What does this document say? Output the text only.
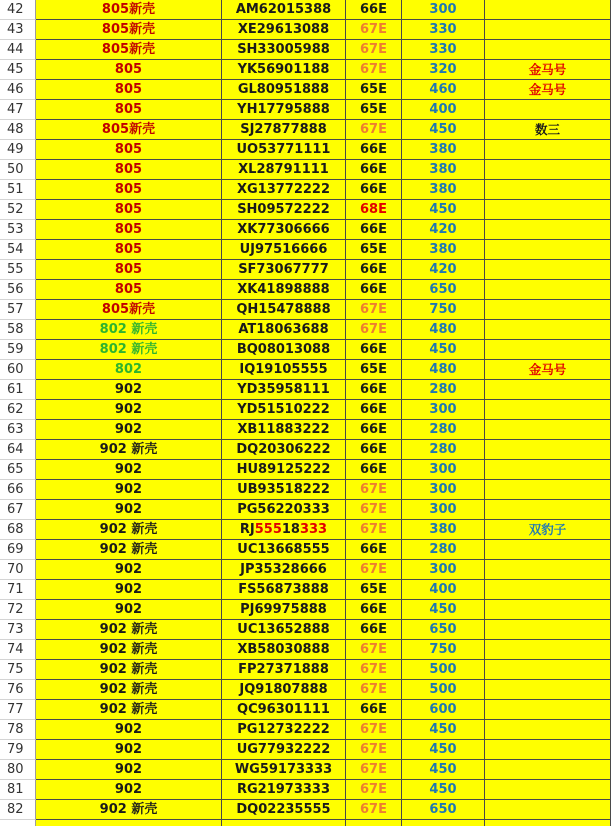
42	805新壳	AM62015388	66E	300
43	805新壳	XE29613088	67E	330
44	805新壳	SH33005988	67E	330
45	805	YK56901188	67E	320	金马号
46	805	GL80951888	65E	460	金马号
47	805	YH17795888	65E	400
48	805新壳	SJ27877888	67E	450	数三
49	805	UO53771111	66E	380
50	805	XL28791111	66E	380
51	805	XG13772222	66E	380
52	805	SH09572222	68E	450
53	805	XK77306666	66E	420
54	805	UJ97516666	65E	380
55	805	SF73067777	66E	420
56	805	XK41898888	66E	650
57	805新壳	QH15478888	67E	750
58	802 新壳	AT18063688	67E	480
59	802 新壳	BQ08013088	66E	450
60	802	IQ19105555	65E	480	金马号
61	902	YD35958111	66E	280
62	902	YD51510222	66E	300
63	902	XB11883222	66E	280
64	902 新壳	DQ20306222	66E	280
65	902	HU89125222	66E	300
66	902	UB93518222	67E	300
67	902	PG56220333	67E	300
68	902 新壳	RJ55518333	67E	380	双豹子
69	902 新壳	UC13668555	66E	280
70	902	JP35328666	67E	300
71	902	FS56873888	65E	400
72	902	PJ69975888	66E	450
73	902 新壳	UC13652888	66E	650
74	902 新壳	XB58030888	67E	750
75	902 新壳	FP27371888	67E	500
76	902 新壳	JQ91807888	67E	500
77	902 新壳	QC96301111	66E	600
78	902	PG12732222	67E	450
79	902	UG77932222	67E	450
80	902	WG59173333	67E	450
81	902	RG21973333	67E	450
82	902 新壳	DQ02235555	67E	650
